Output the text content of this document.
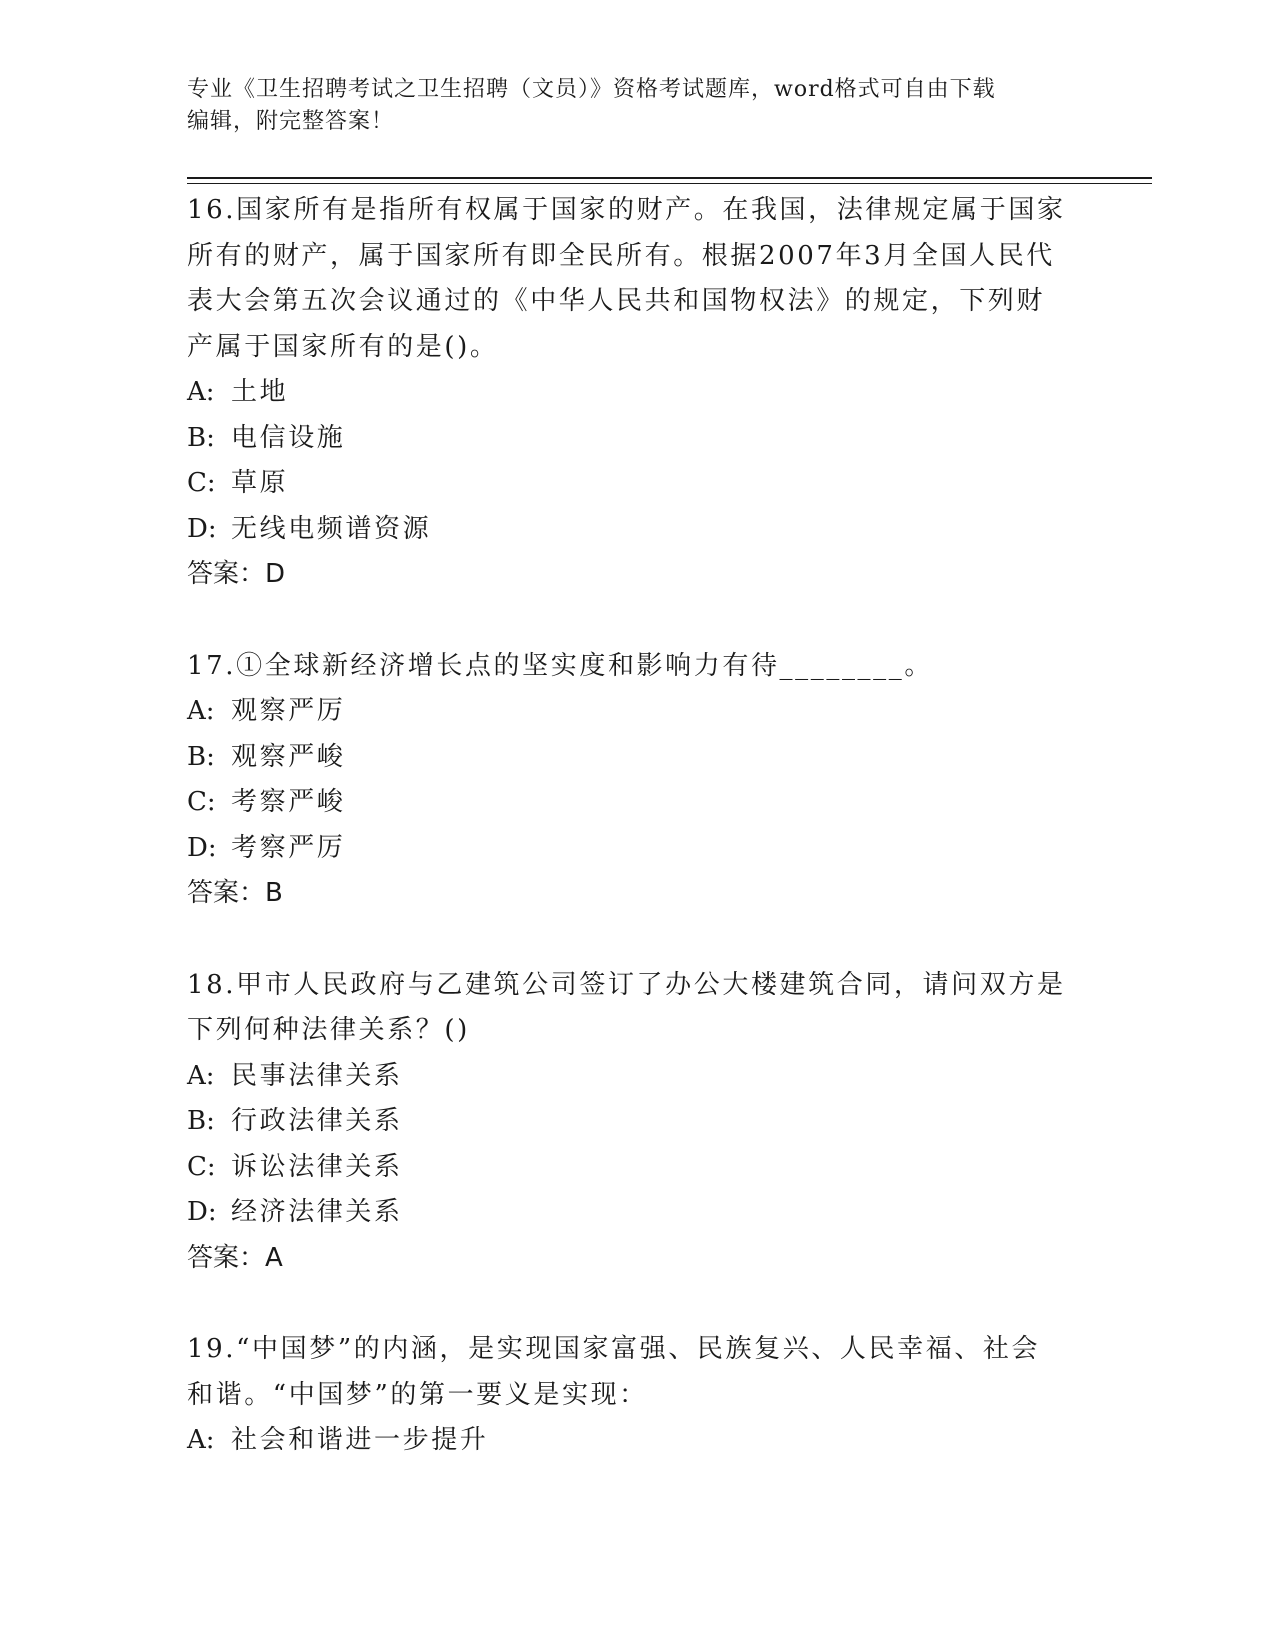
专业《卫生招聘考试之卫生招聘（文员）》资格考试题库，word格式可自由下载
编辑，附完整答案！

16.国家所有是指所有权属于国家的财产。在我国，法律规定属于国家

所有的财产，属于国家所有即全民所有。根据2007年3月全国人民代

表大会第五次会议通过的《中华人民共和国物权法》的规定，下列财

产属于国家所有的是()。

A: 土地

B: 电信设施

C: 草原

D: 无线电频谱资源

答案：D

17.①全球新经济增长点的坚实度和影响力有待________。

A: 观察严厉

B: 观察严峻

C: 考察严峻

D: 考察严厉

答案：B

18.甲市人民政府与乙建筑公司签订了办公大楼建筑合同，请问双方是

下列何种法律关系？()

A: 民事法律关系

B: 行政法律关系

C: 诉讼法律关系

D: 经济法律关系

答案：A

19.“中国梦”的内涵，是实现国家富强、民族复兴、人民幸福、社会

和谐。“中国梦”的第一要义是实现：

A: 社会和谐进一步提升
